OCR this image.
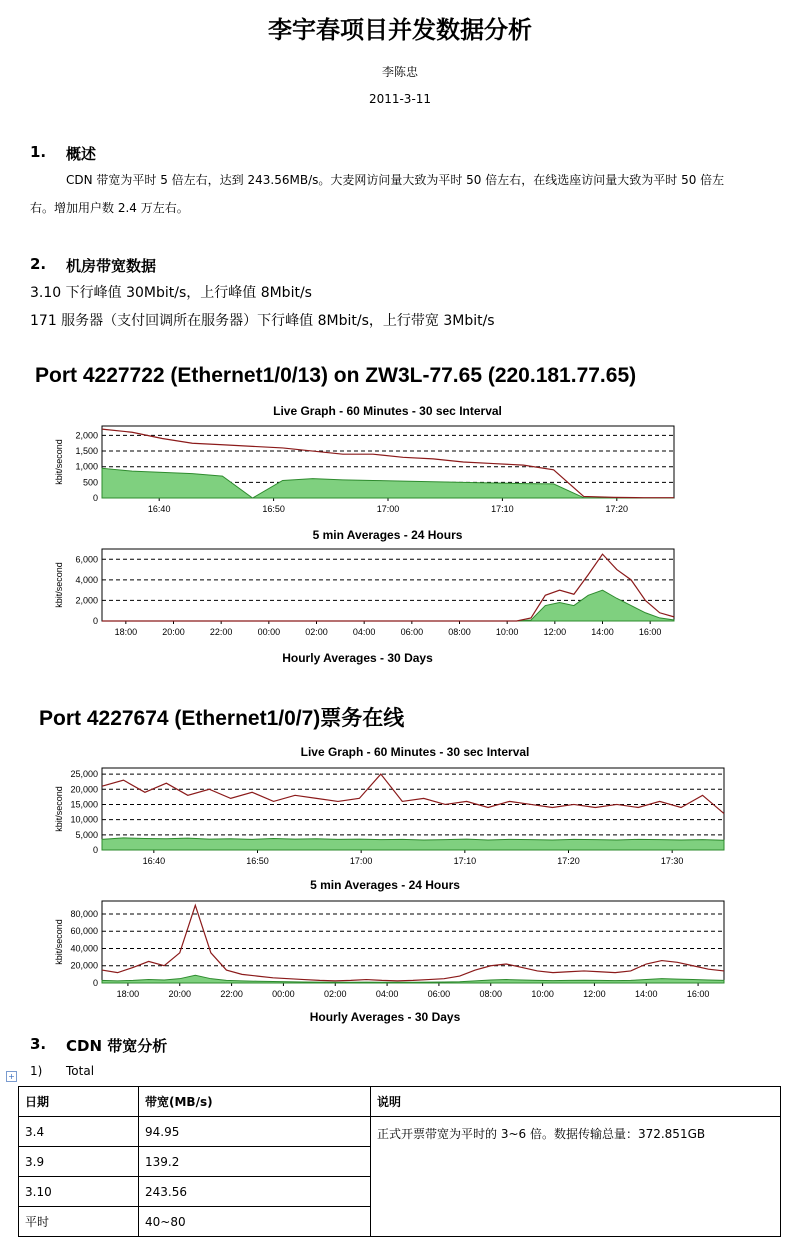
李宇春项目并发数据分析
李陈忠
2011-3-11
1. 概述
CDN 带宽为平时 5 倍左右，达到 243.56MB/s。大麦网访问量大致为平时 50 倍左右，在线选座访问量大致为平时 50 倍左
右。增加用户数 2.4 万左右。
2. 机房带宽数据
3.10 下行峰值 30Mbit/s，上行峰值 8Mbit/s
171 服务器（支付回调所在服务器）下行峰值 8Mbit/s，上行带宽 3Mbit/s
Port 4227722 (Ethernet1/0/13) on ZW3L-77.65 (220.181.77.65)
Live Graph - 60 Minutes - 30 sec Interval
0
500
1,000
1,500
2,000
kbit/second
16:40	16:50	17:00	17:10	17:20
5 min Averages - 24 Hours
0
2,000
4,000
6,000
kbit/second
18:00	20:00	22:00	00:00	02:00	04:00	06:00	08:00	10:00	12:00	14:00	16:00
Hourly Averages - 30 Days
Port 4227674 (Ethernet1/0/7)票务在线
Live Graph - 60 Minutes - 30 sec Interval
0
5,000
10,000
15,000
20,000
25,000
kbit/second
16:40	16:50	17:00	17:10	17:20	17:30
5 min Averages - 24 Hours
0
20,000
40,000
60,000
80,000
kbit/second
18:00	20:00	22:00	00:00	02:00	04:00	06:00	08:00	10:00	12:00	14:00	16:00
Hourly Averages - 30 Days
3. CDN 带宽分析
+ 1) Total
日期	带宽(MB/s)	说明
3.4	94.95	正式开票带宽为平时的 3~6 倍。数据传输总量：372.851GB
3.9	139.2	
3.10	243.56	
平时	40~80	
